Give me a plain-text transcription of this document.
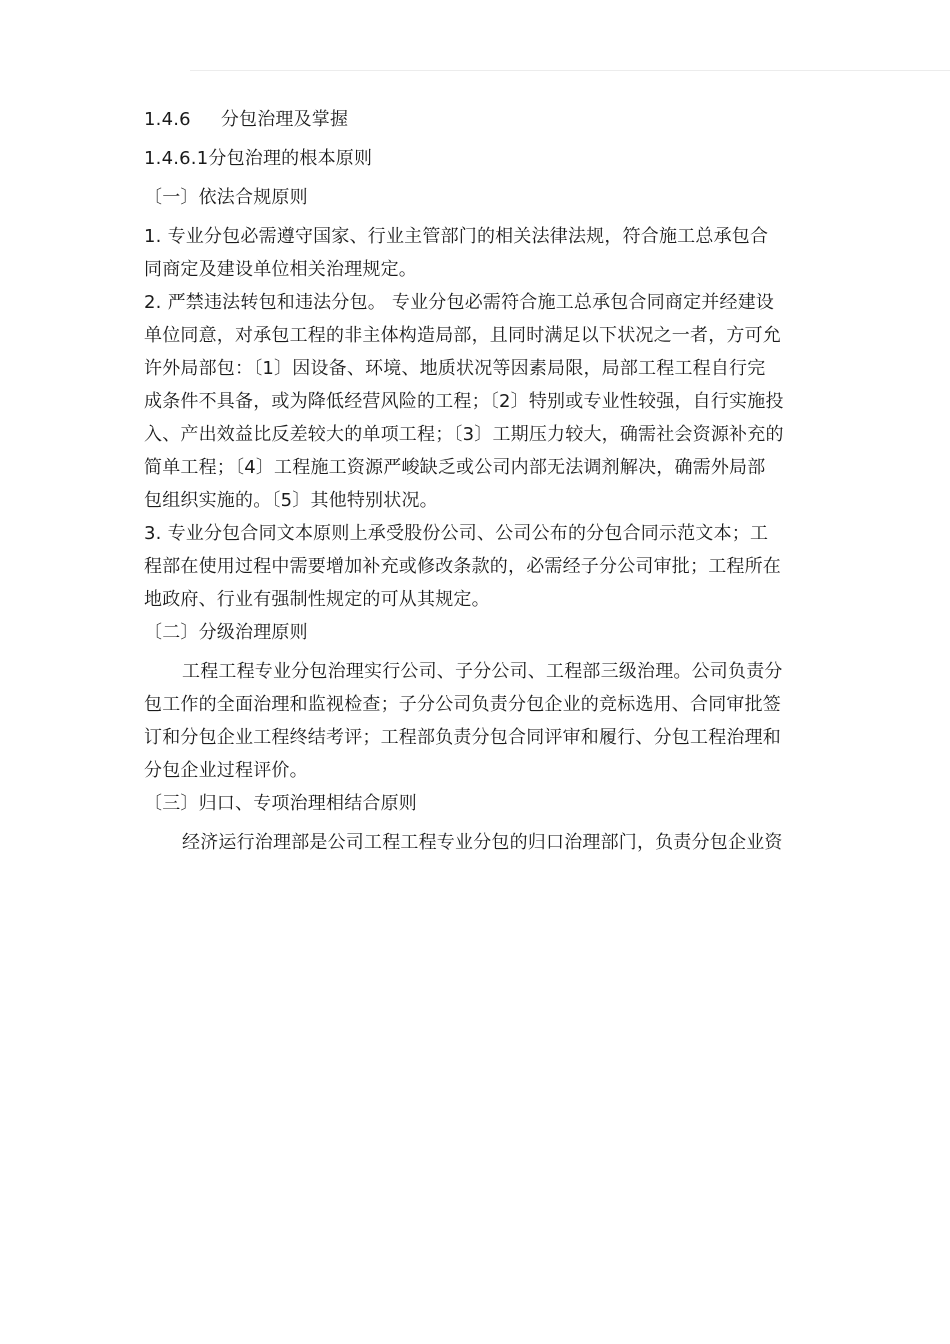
1.4.6 分包治理及掌握

1.4.6.1分包治理的根本原则

〔一〕依法合规原则

1. 专业分包必需遵守国家、行业主管部门的相关法律法规，符合施工总承包合

同商定及建设单位相关治理规定。

2. 严禁违法转包和违法分包。 专业分包必需符合施工总承包合同商定并经建设

单位同意，对承包工程的非主体构造局部，且同时满足以下状况之一者，方可允

许外局部包：〔1〕因设备、环境、地质状况等因素局限，局部工程工程自行完

成条件不具备，或为降低经营风险的工程；〔2〕特别或专业性较强，自行实施投

入、产出效益比反差较大的单项工程；〔3〕工期压力较大，确需社会资源补充的

简单工程；〔4〕工程施工资源严峻缺乏或公司内部无法调剂解决，确需外局部

包组织实施的。〔5〕其他特别状况。

3. 专业分包合同文本原则上承受股份公司、公司公布的分包合同示范文本；工

程部在使用过程中需要增加补充或修改条款的，必需经子分公司审批；工程所在

地政府、行业有强制性规定的可从其规定。

〔二〕分级治理原则

工程工程专业分包治理实行公司、子分公司、工程部三级治理。公司负责分

包工作的全面治理和监视检查；子分公司负责分包企业的竞标选用、合同审批签

订和分包企业工程终结考评；工程部负责分包合同评审和履行、分包工程治理和

分包企业过程评价。

〔三〕归口、专项治理相结合原则

经济运行治理部是公司工程工程专业分包的归口治理部门，负责分包企业资
